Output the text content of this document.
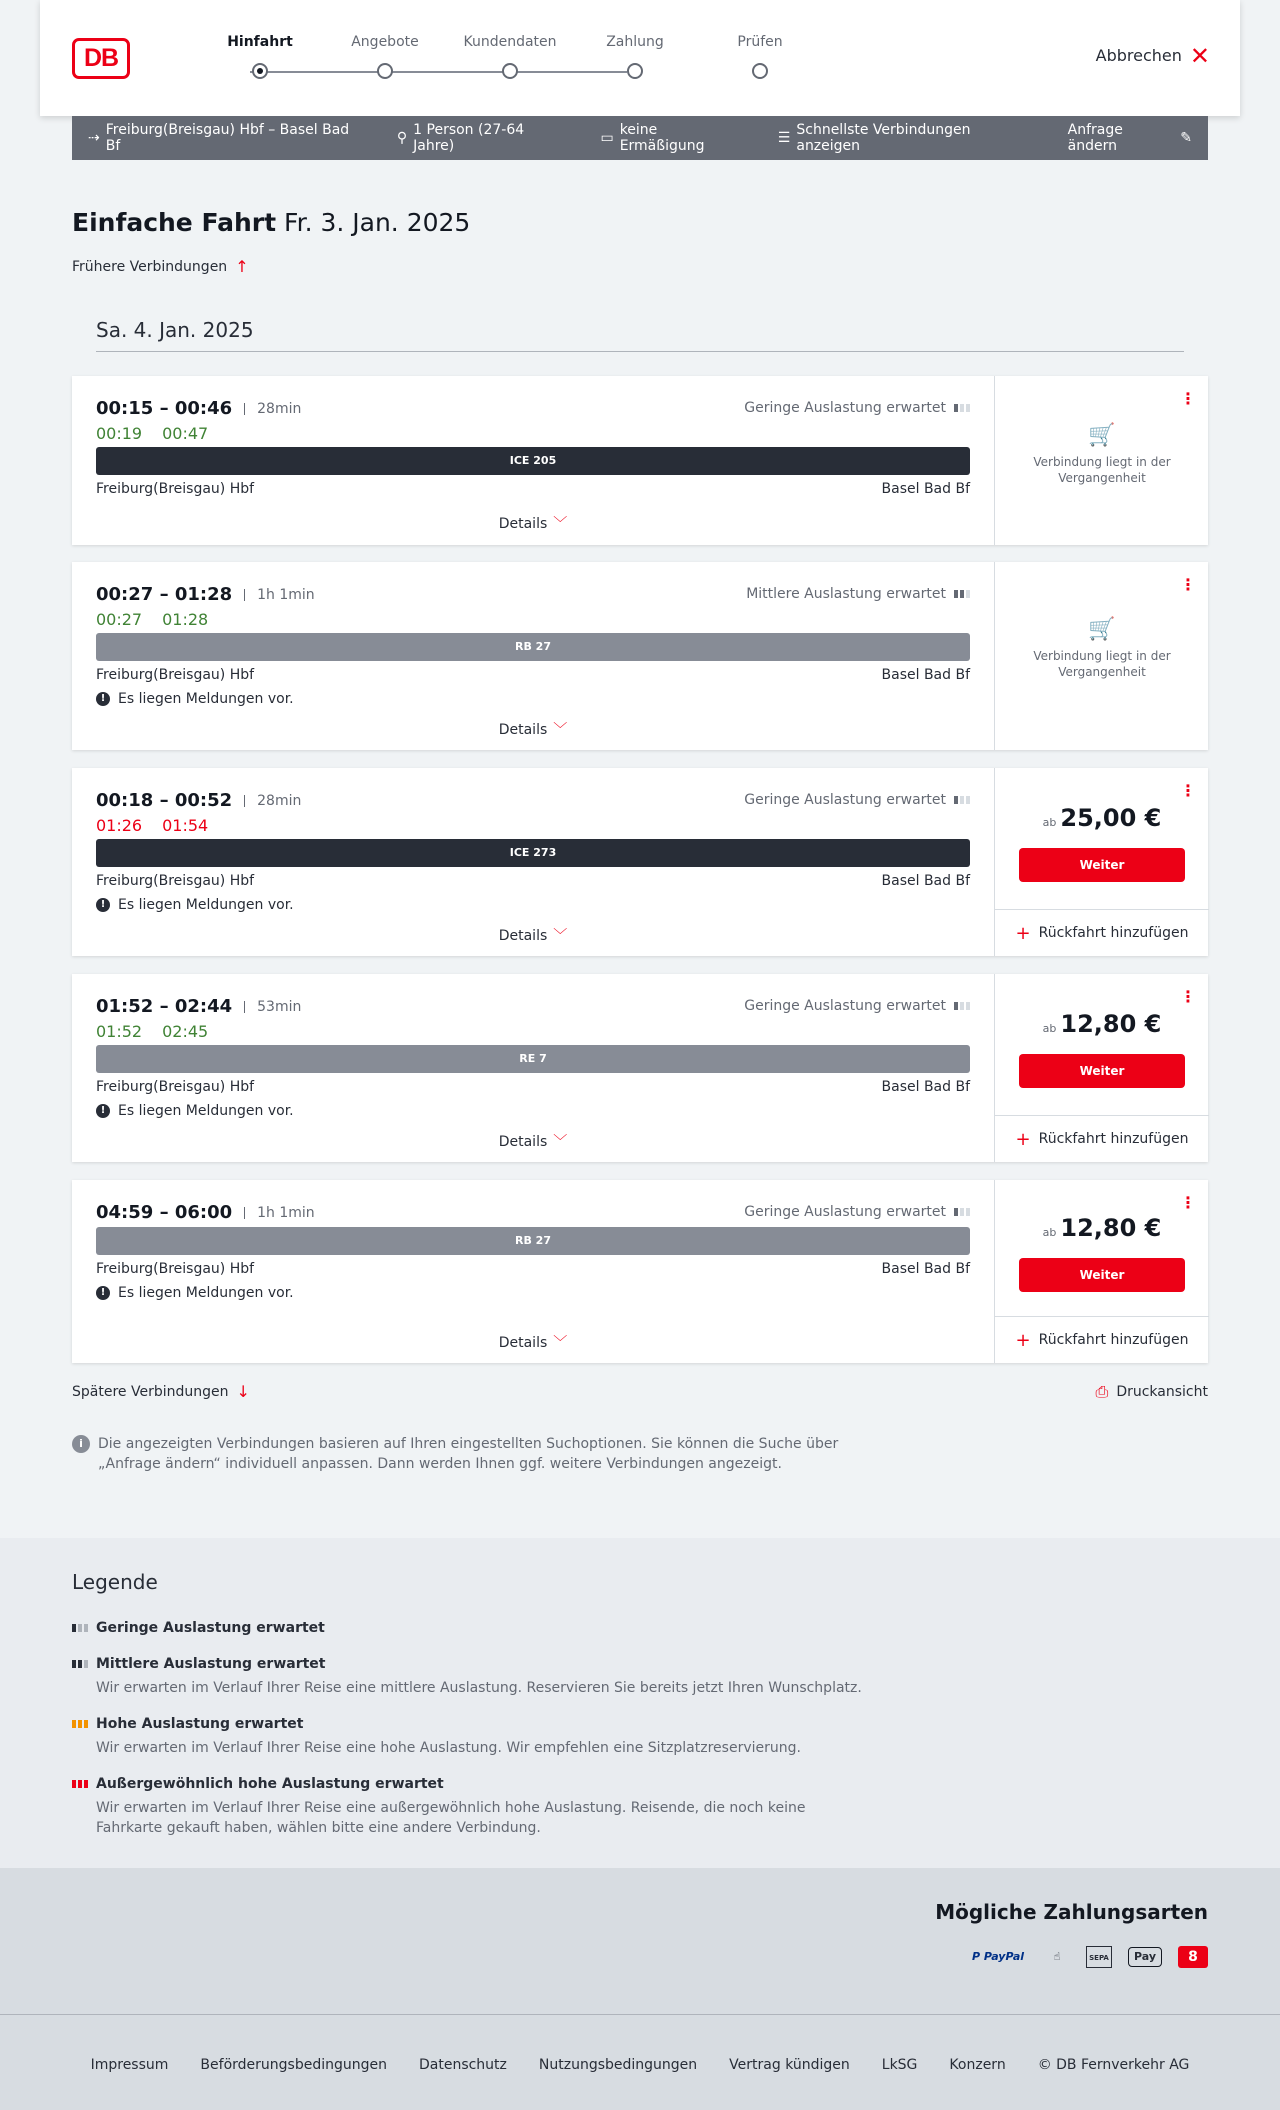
DB
Hinfahrt	Angebote	Kundendaten	Zahlung	Prüfen
Abbrechen ✕
⇢ Freiburg(Breisgau) Hbf – Basel Bad Bf	⚲ 1 Person (27-64 Jahre)	▭ keine Ermäßigung	☰ Schnellste Verbindungen anzeigen
Anfrage ändern	✎
Einfache Fahrt Fr. 3. Jan. 2025
Frühere Verbindungen ↑
Sa. 4. Jan. 2025
00:15 – 00:46	28min
00:19 00:47
Geringe Auslastung erwartet
ICE 205
Freiburg(Breisgau) Hbf	Basel Bad Bf
Details ﹀
⋮
🛒
Verbindung liegt in der Vergangenheit
00:27 – 01:28	1h 1min
00:27 01:28
Mittlere Auslastung erwartet
RB 27
Freiburg(Breisgau) Hbf	Basel Bad Bf
! Es liegen Meldungen vor.
Details ﹀
⋮
🛒
Verbindung liegt in der Vergangenheit
00:18 – 00:52	28min
01:26 01:54
Geringe Auslastung erwartet
ICE 273
Freiburg(Breisgau) Hbf	Basel Bad Bf
! Es liegen Meldungen vor.
Details ﹀
⋮
ab 25,00 €
Weiter
+ Rückfahrt hinzufügen
01:52 – 02:44	53min
01:52 02:45
Geringe Auslastung erwartet
RE 7
Freiburg(Breisgau) Hbf	Basel Bad Bf
! Es liegen Meldungen vor.
Details ﹀
⋮
ab 12,80 €
Weiter
+ Rückfahrt hinzufügen
04:59 – 06:00	1h 1min	Geringe Auslastung erwartet
RB 27
Freiburg(Breisgau) Hbf	Basel Bad Bf
! Es liegen Meldungen vor.
Details ﹀
⋮
ab 12,80 €
Weiter
+ Rückfahrt hinzufügen
Spätere Verbindungen ↓	⎙ Druckansicht
i	Die angezeigten Verbindungen basieren auf Ihren eingestellten Suchoptionen. Sie können die Suche über „Anfrage ändern“ individuell anpassen. Dann werden Ihnen ggf. weitere Verbindungen angezeigt.
Legende
Geringe Auslastung erwartet
Mittlere Auslastung erwartet
Wir erwarten im Verlauf Ihrer Reise eine mittlere Auslastung. Reservieren Sie bereits jetzt Ihren Wunschplatz.
Hohe Auslastung erwartet
Wir erwarten im Verlauf Ihrer Reise eine hohe Auslastung. Wir empfehlen eine Sitzplatzreservierung.
Außergewöhnlich hohe Auslastung erwartet
Wir erwarten im Verlauf Ihrer Reise eine außergewöhnlich hohe Auslastung. Reisende, die noch keine Fahrkarte gekauft haben, wählen bitte eine andere Verbindung.
Mögliche Zahlungsarten
P PayPal	☝	SEPA	Pay	8
Impressum Beförderungsbedingungen Datenschutz Nutzungsbedingungen Vertrag kündigen LkSG Konzern © DB Fernverkehr AG
